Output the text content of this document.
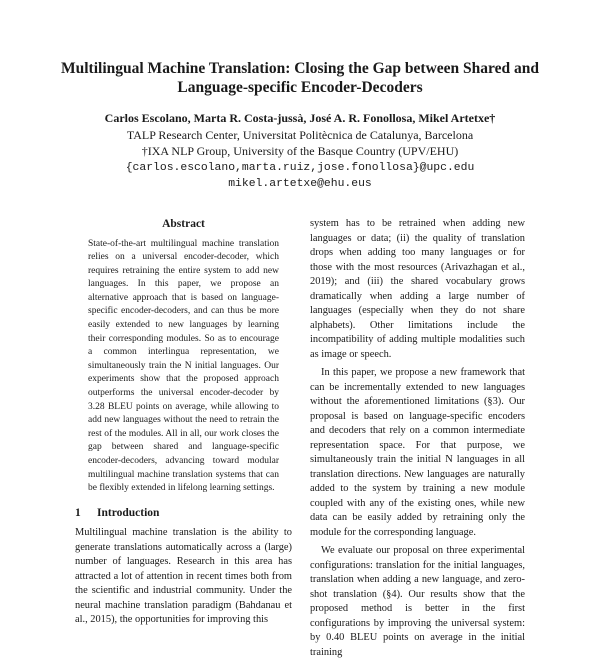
Multilingual Machine Translation: Closing the Gap between Shared and
Language-specific Encoder-Decoders
Carlos Escolano, Marta R. Costa-jussà, José A. R. Fonollosa, Mikel Artetxe†
TALP Research Center, Universitat Politècnica de Catalunya, Barcelona
†IXA NLP Group, University of the Basque Country (UPV/EHU)
{carlos.escolano,marta.ruiz,jose.fonollosa}@upc.edu
mikel.artetxe@ehu.eus
Abstract

State-of-the-art multilingual machine translation relies on a universal encoder-decoder, which requires retraining the entire system to add new languages. In this paper, we propose an alternative approach that is based on language-specific encoder-decoders, and can thus be more easily extended to new languages by learning their corresponding modules. So as to encourage a common interlingua representation, we simultaneously train the N initial languages. Our experiments show that the proposed approach outperforms the universal encoder-decoder by 3.28 BLEU points on average, while allowing to add new languages without the need to retrain the rest of the modules. All in all, our work closes the gap between shared and language-specific encoder-decoders, advancing toward modular multilingual machine translation systems that can be flexibly extended in lifelong learning settings.

1 Introduction

Multilingual machine translation is the ability to generate translations automatically across a (large) number of languages. Research in this area has attracted a lot of attention in recent times both from the scientific and industrial community. Under the neural machine translation paradigm (Bahdanau et al., 2015), the opportunities for improving this

system has to be retrained when adding new languages or data; (ii) the quality of translation drops when adding too many languages or for those with the most resources (Arivazhagan et al., 2019); and (iii) the shared vocabulary grows dramatically when adding a large number of languages (especially when they do not share alphabets). Other limitations include the incompatibility of adding multiple modalities such as image or speech.

In this paper, we propose a new framework that can be incrementally extended to new languages without the aforementioned limitations (§3). Our proposal is based on language-specific encoders and decoders that rely on a common intermediate representation space. For that purpose, we simultaneously train the initial N languages in all translation directions. New languages are naturally added to the system by training a new module coupled with any of the existing ones, while new data can be easily added by retraining only the module for the corresponding language.

We evaluate our proposal on three experimental configurations: translation for the initial languages, translation when adding a new language, and zero-shot translation (§4). Our results show that the proposed method is better in the first configurations by improving the universal system: by 0.40 BLEU points on average in the initial training
